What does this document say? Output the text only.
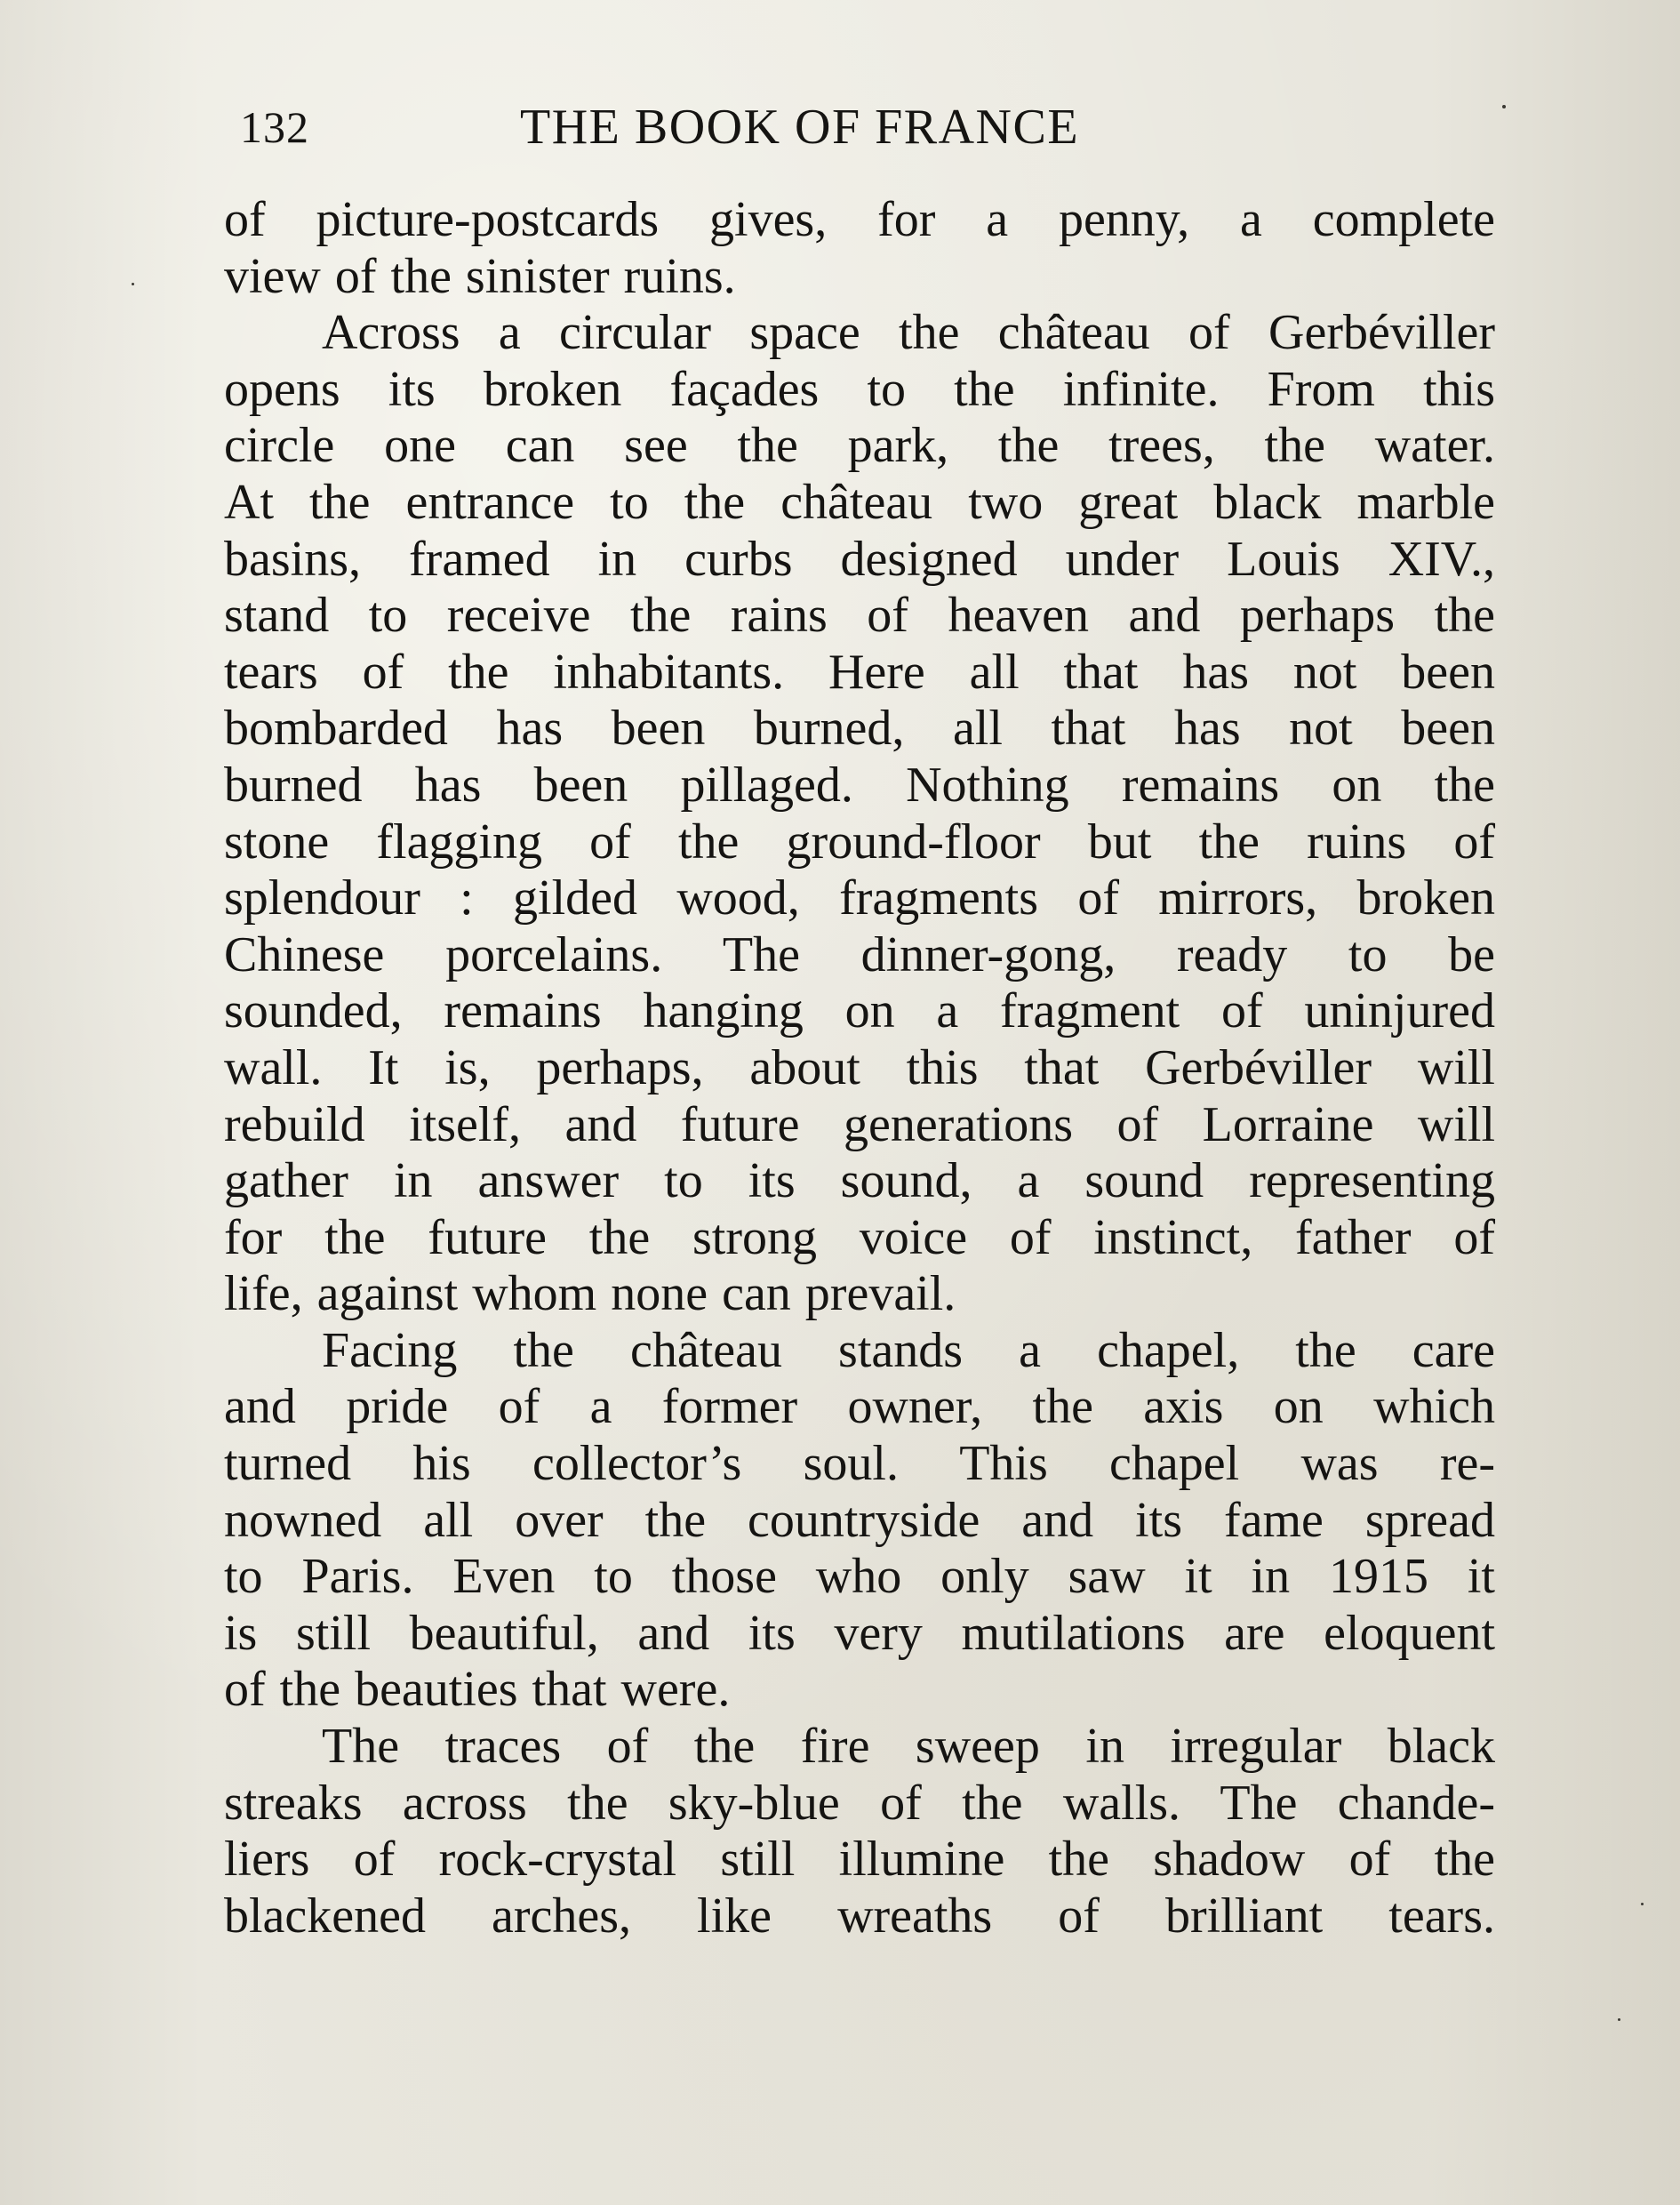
132	THE BOOK OF FRANCE
of picture-postcards gives, for a penny, a complete
view of the sinister ruins.
Across a circular space the château of Gerbéviller
opens its broken façades to the infinite. From this
circle one can see the park, the trees, the water.
At the entrance to the château two great black marble
basins, framed in curbs designed under Louis XIV.,
stand to receive the rains of heaven and perhaps the
tears of the inhabitants. Here all that has not been
bombarded has been burned, all that has not been
burned has been pillaged. Nothing remains on the
stone flagging of the ground-floor but the ruins of
splendour : gilded wood, fragments of mirrors, broken
Chinese porcelains. The dinner-gong, ready to be
sounded, remains hanging on a fragment of uninjured
wall. It is, perhaps, about this that Gerbéviller will
rebuild itself, and future generations of Lorraine will
gather in answer to its sound, a sound representing
for the future the strong voice of instinct, father of
life, against whom none can prevail.
Facing the château stands a chapel, the care
and pride of a former owner, the axis on which
turned his collector’s soul. This chapel was re-
nowned all over the countryside and its fame spread
to Paris. Even to those who only saw it in 1915 it
is still beautiful, and its very mutilations are eloquent
of the beauties that were.
The traces of the fire sweep in irregular black
streaks across the sky-blue of the walls. The chande-
liers of rock-crystal still illumine the shadow of the
blackened arches, like wreaths of brilliant tears.
